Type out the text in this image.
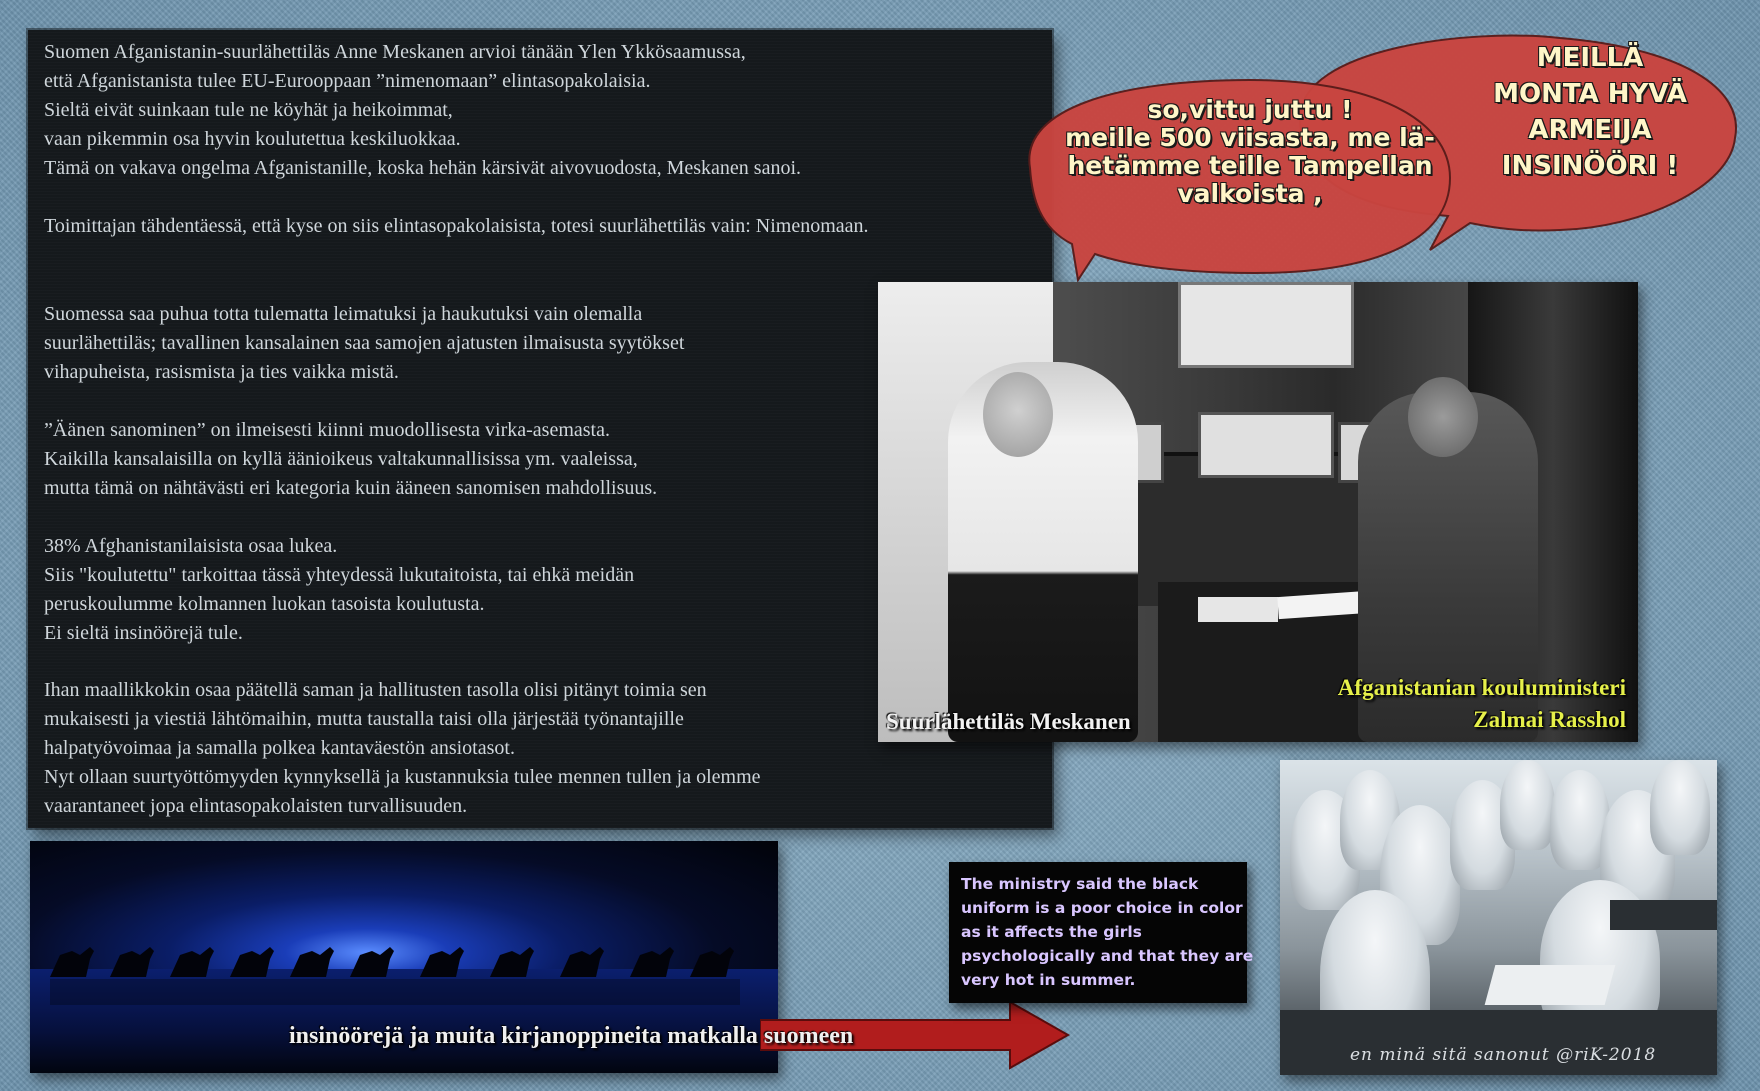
Suomen Afganistanin-suurlähettiläs Anne Meskanen arvioi tänään Ylen Ykkösaamussa,
että Afganistanista tulee EU-Eurooppaan ”nimenomaan” elintasopakolaisia.
Sieltä eivät suinkaan tule ne köyhät ja heikoimmat,
vaan pikemmin osa hyvin koulutettua keskiluokkaa.
Tämä on vakava ongelma Afganistanille, koska hehän kärsivät aivovuodosta, Meskanen sanoi.

Toimittajan tähdentäessä, että kyse on siis elintasopakolaisista, totesi suurlähettiläs vain: Nimenomaan.

Suomessa saa puhua totta tulematta leimatuksi ja haukutuksi vain olemalla
suurlähettiläs; tavallinen kansalainen saa samojen ajatusten ilmaisusta syytökset
vihapuheista, rasismista ja ties vaikka mistä.

”Äänen sanominen” on ilmeisesti kiinni muodollisesta virka-asemasta.
Kaikilla kansalaisilla on kyllä äänioikeus valtakunnallisissa ym. vaaleissa,
mutta tämä on nähtävästi eri kategoria kuin ääneen sanomisen mahdollisuus.

38% Afghanistanilaisista osaa lukea.
Siis "koulutettu" tarkoittaa tässä yhteydessä lukutaitoista, tai ehkä meidän
peruskoulumme kolmannen luokan tasoista koulutusta.
Ei sieltä insinöörejä tule.

Ihan maallikkokin osaa päätellä saman ja hallitusten tasolla olisi pitänyt toimia sen
mukaisesti ja viestiä lähtömaihin, mutta taustalla taisi olla järjestää työnantajille
halpatyövoimaa ja samalla polkea kantaväestön ansiotasot.
Nyt ollaan suurtyöttömyyden kynnyksellä ja kustannuksia tulee mennen tullen ja olemme
vaarantaneet jopa elintasopakolaisten turvallisuuden.

so,vittu juttu !
meille 500 viisasta, me lä-
hetämme teille Tampellan
valkoista ,

MEILLÄ
MONTA HYVÄ
ARMEIJA
INSINÖÖRI !

Suurlähettiläs Meskanen
Afganistanian kouluministeri
Zalmai Rasshol
insinöörejä ja muita kirjanoppineita matkalla suomeen

The ministry said the black
uniform is a poor choice in color
as it affects the girls
psychologically and that they are
very hot in summer.

en minä sitä sanonut @riK-2018
